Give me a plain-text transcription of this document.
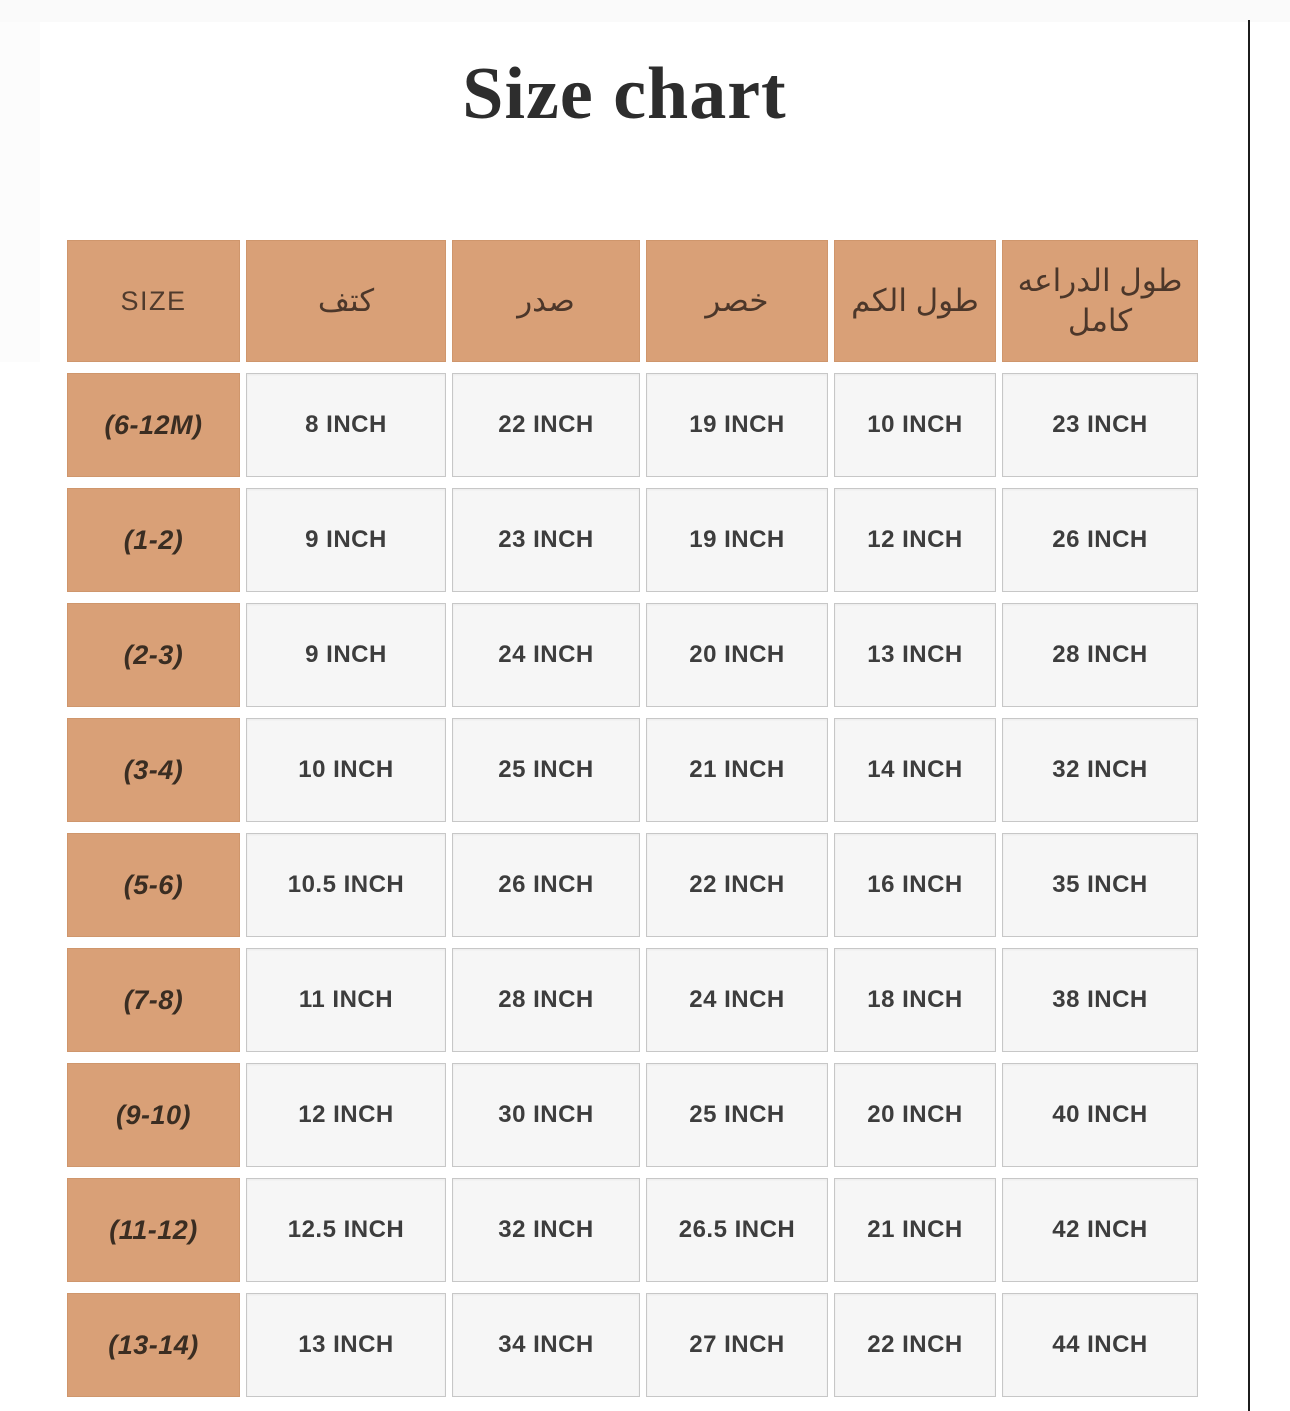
Size chart
SIZE	كتف	صدر	خصر	طول الكم	طول الدراعه كامل
(6-12M)	8 INCH	22 INCH	19 INCH	10 INCH	23 INCH
(1-2)	9 INCH	23 INCH	19 INCH	12 INCH	26 INCH
(2-3)	9 INCH	24 INCH	20 INCH	13 INCH	28 INCH
(3-4)	10 INCH	25 INCH	21 INCH	14 INCH	32 INCH
(5-6)	10.5 INCH	26 INCH	22 INCH	16 INCH	35 INCH
(7-8)	11 INCH	28 INCH	24 INCH	18 INCH	38 INCH
(9-10)	12 INCH	30 INCH	25 INCH	20 INCH	40 INCH
(11-12)	12.5 INCH	32 INCH	26.5 INCH	21 INCH	42 INCH
(13-14)	13 INCH	34 INCH	27 INCH	22 INCH	44 INCH
